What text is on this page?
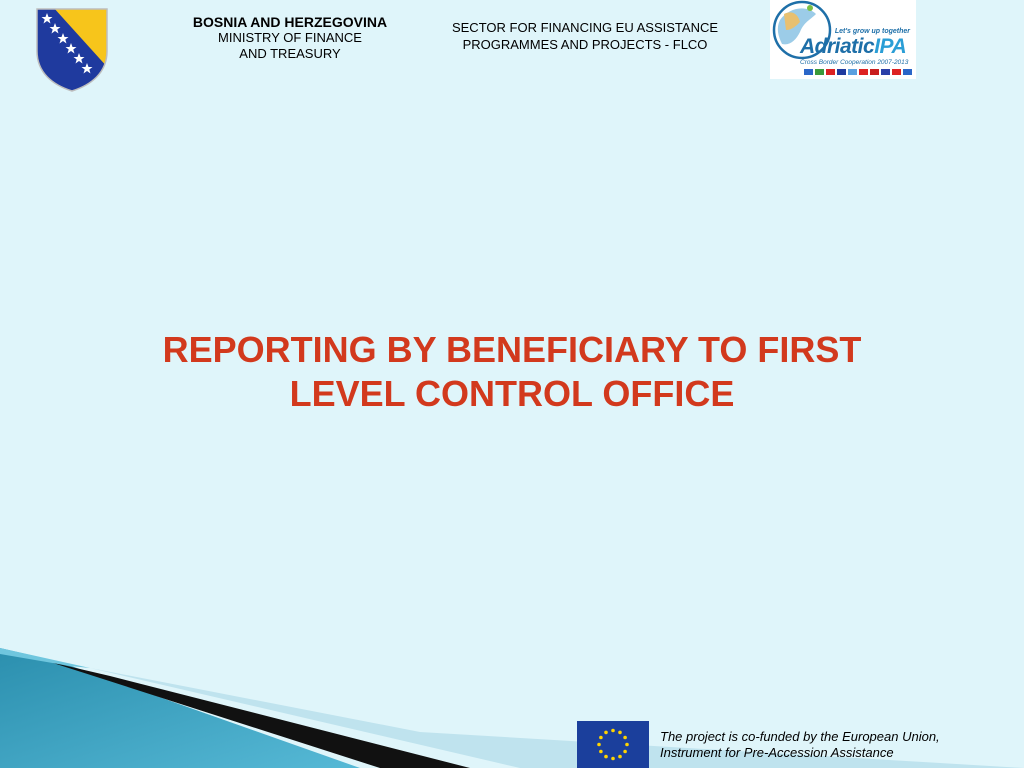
BOSNIA AND HERZEGOVINA
MINISTRY OF FINANCE
AND TREASURY
SECTOR FOR FINANCING EU ASSISTANCE
PROGRAMMES AND PROJECTS - FLCO
Let's grow up together
AdriaticIPA
Cross Border Cooperation 2007-2013
REPORTING BY BENEFICIARY TO FIRST
LEVEL CONTROL OFFICE
The project is co-funded by the European Union,
Instrument for Pre-Accession Assistance
